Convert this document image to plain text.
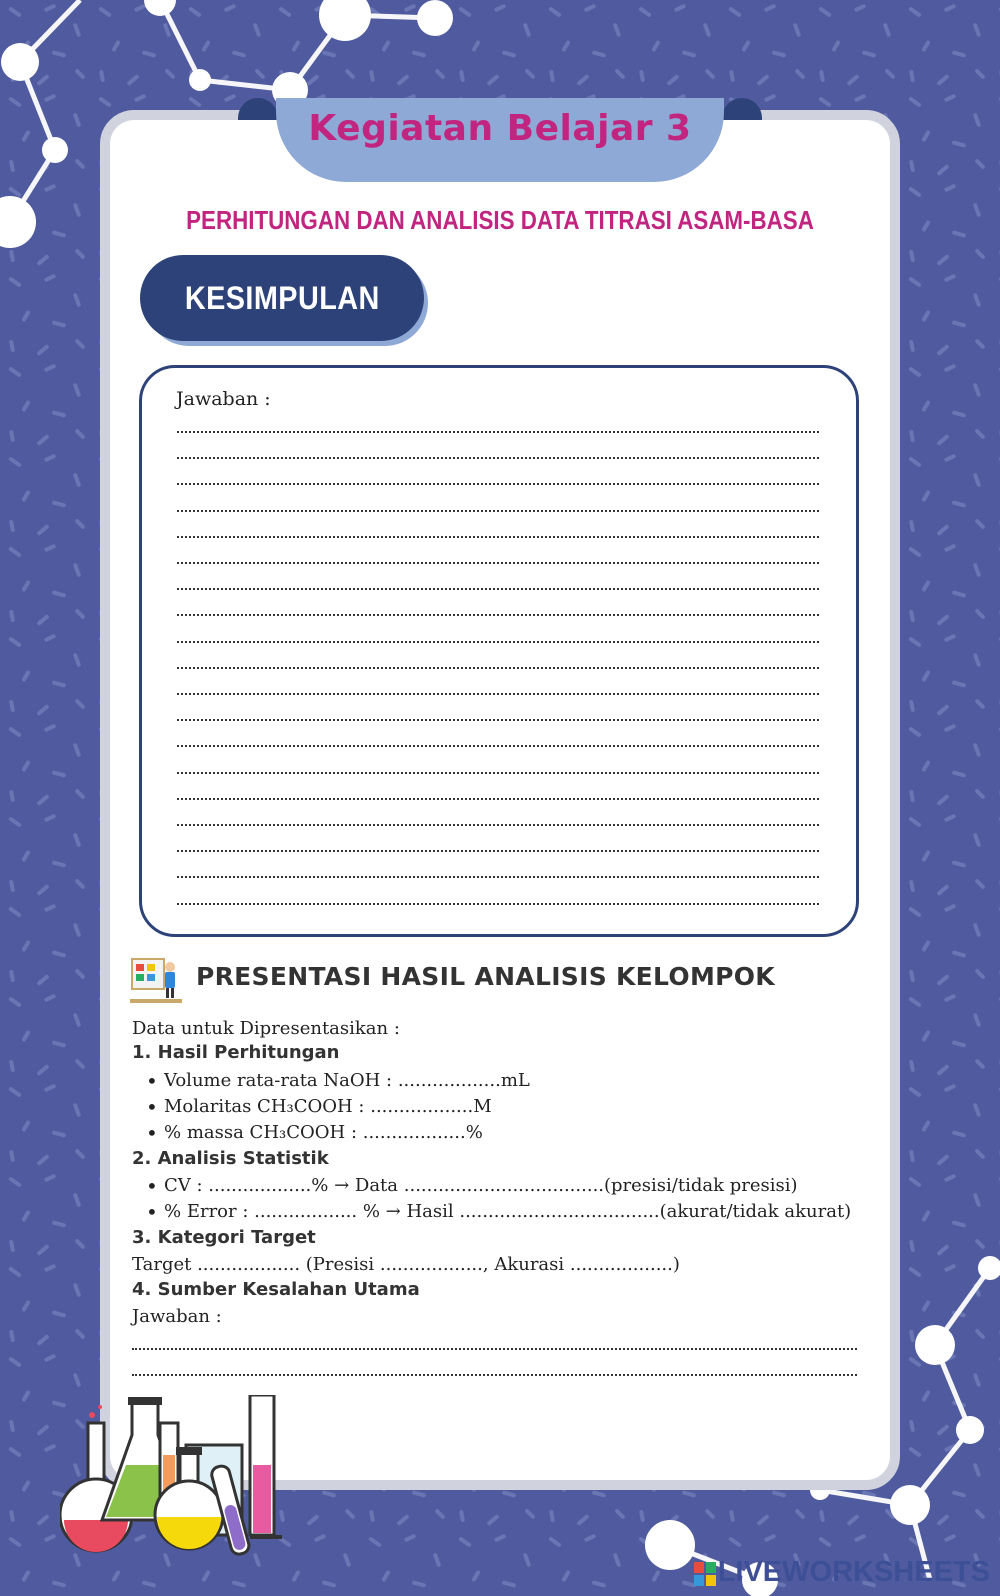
Kegiatan Belajar 3
PERHITUNGAN DAN ANALISIS DATA TITRASI ASAM-BASA
KESIMPULAN
Jawaban :
PRESENTASI HASIL ANALISIS KELOMPOK
Data untuk Dipresentasikan :
1. Hasil Perhitungan
• Volume rata-rata NaOH : ..................mL
• Molaritas CH₃COOH : ..................M
• % massa CH₃COOH : ..................%
2. Analisis Statistik
• CV : ..................% → Data ...................................(presisi/tidak presisi)
• % Error : .................. % → Hasil ...................................(akurat/tidak akurat)
3. Kategori Target
Target .................. (Presisi .................., Akurasi ..................)
4. Sumber Kesalahan Utama
Jawaban :
LIVEWORKSHEETS
